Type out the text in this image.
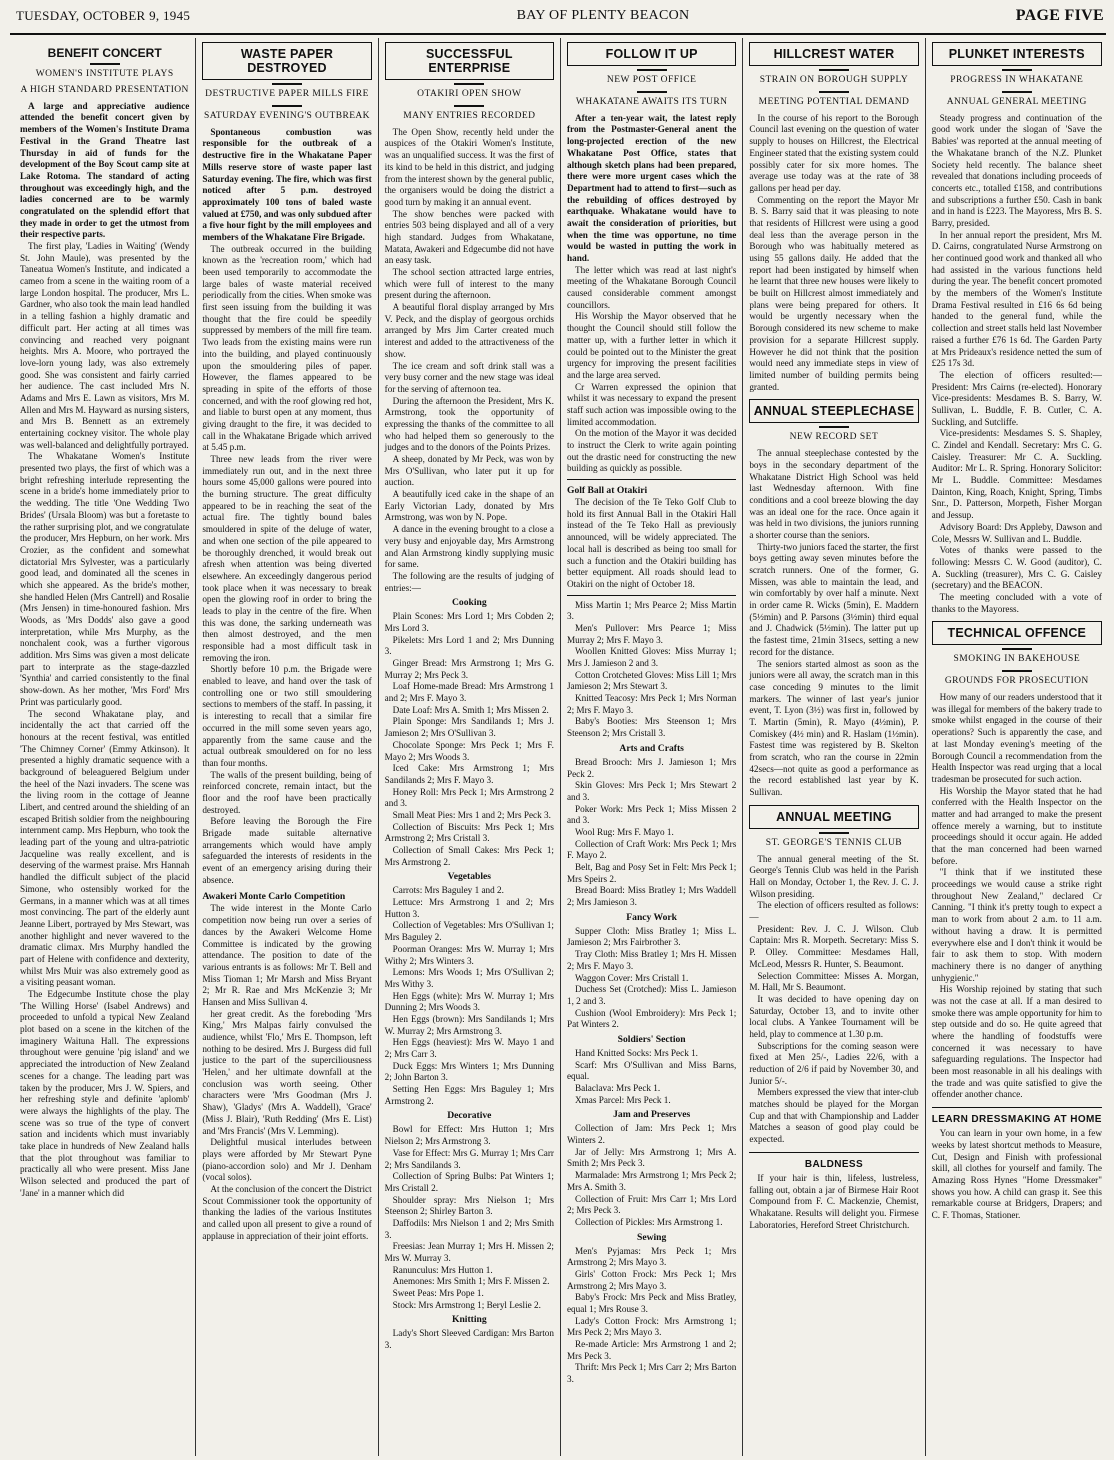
TUESDAY, OCTOBER 9, 1945	BAY OF PLENTY BEACON	PAGE FIVE
BENEFIT CONCERT
WOMEN'S INSTITUTE PLAYS
A HIGH STANDARD PRESENTATION

A large and appreciative audience attended the benefit concert given by members of the Women's Institute Drama Festival in the Grand Theatre last Thursday in aid of funds for the development of the Boy Scout camp site at Lake Rotoma. The standard of acting throughout was exceedingly high, and the ladies concerned are to be warmly congratulated on the splendid effort that they made in order to get the utmost from their respective parts.

The first play, 'Ladies in Waiting' (Wendy St. John Maule), was presented by the Taneatua Women's Institute, and indicated a cameo from a scene in the waiting room of a large London hospital. The producer, Mrs L. Gardner, who also took the main lead handled in a telling fashion a highly dramatic and difficult part. Her acting at all times was convincing and reached very poignant heights. Mrs A. Moore, who portrayed the love-lorn young lady, was also extremely good. She was consistent and fairly carried her audience. The cast included Mrs N. Adams and Mrs E. Lawn as visitors, Mrs M. Allen and Mrs M. Hayward as nursing sisters, and Mrs B. Bennett as an extremely entertaining cockney visitor. The whole play was well-balanced and delightfully portrayed.

The Whakatane Women's Institute presented two plays, the first of which was a bright refreshing interlude representing the scene in a bride's home immediately prior to the wedding. The title 'One Wedding Two Brides' (Ursala Bloom) was but a foretaste to the rather surprising plot, and we congratulate the producer, Mrs Hepburn, on her work. Mrs Crozier, as the confident and somewhat dictatorial Mrs Sylvester, was a particularly good lead, and dominated all the scenes in which she appeared. As the bride's mother, she handled Helen (Mrs Cantrell) and Rosalie (Mrs Jensen) in time-honoured fashion. Mrs Woods, as 'Mrs Dodds' also gave a good interpretation, while Mrs Murphy, as the nonchalent cook, was a further vigorous addition. Mrs Sims was given a most delicate part to interprate as the stage-dazzled 'Synthia' and carried consistently to the final show-down. As her mother, 'Mrs Ford' Mrs Print was particularly good.

The second Whakatane play, and incidentally the act that carried off the honours at the recent festival, was entitled 'The Chimney Corner' (Emmy Atkinson). It presented a highly dramatic sequence with a background of beleaguered Belgium under the heel of the Nazi invaders. The scene was the living room in the cottage of Jeanne Libert, and centred around the shielding of an escaped British soldier from the neighbouring internment camp. Mrs Hepburn, who took the leading part of the young and ultra-patriotic Jacqueline was really excellent, and is deserving of the warmest praise. Mrs Hannah handled the difficult subject of the placid Simone, who ostensibly worked for the Germans, in a manner which was at all times most convincing. The part of the elderly aunt Jeanne Libert, portrayed by Mrs Stewart, was another highlight and never wavered to the dramatic climax. Mrs Murphy handled the part of Helene with confidence and dexterity, whilst Mrs Muir was also extremely good as a visiting peasant woman.

The Edgecumbe Institute chose the play 'The Willing Horse' (Isabel Andrews) and proceeded to unfold a typical New Zealand plot based on a scene in the kitchen of the imaginery Waituna Hall. The expressions throughout were genuine 'pig island' and we appreciated the introduction of New Zealand scenes for a change. The leading part was taken by the producer, Mrs J. W. Spiers, and her refreshing style and definite 'aplomb' were always the highlights of the play. The scene was so true of the type of convert sation and incidents which must invariably take place in hundreds of New Zealand halls that the plot throughout was familiar to practically all who were present. Miss Jane Wilson selected and produced the part of 'Jane' in a manner which did

WASTE PAPER DESTROYED
DESTRUCTIVE PAPER MILLS FIRE
SATURDAY EVENING'S OUTBREAK

Spontaneous combustion was responsible for the outbreak of a destructive fire in the Whakatane Paper Mills reserve store of waste paper last Saturday evening. The fire, which was first noticed after 5 p.m. destroyed approximately 100 tons of baled waste valued at £750, and was only subdued after a five hour fight by the mill employees and members of the Whakatane Fire Brigade.

The outbreak occurred in the building known as the 'recreation room,' which had been used temporarily to accommodate the large bales of waste material received periodically from the cities. When smoke was first seen issuing from the building it was thought that the fire could be speedily suppressed by members of the mill fire team. Two leads from the existing mains were run into the building, and played continuously upon the smouldering piles of paper. However, the flames appeared to be spreading in spite of the efforts of those concerned, and with the roof glowing red hot, and liable to burst open at any moment, thus giving draught to the fire, it was decided to call in the Whakatane Brigade which arrived at 5.45 p.m.

Three new leads from the river were immediately run out, and in the next three hours some 45,000 gallons were poured into the burning structure. The great difficulty appeared to be in reaching the seat of the actual fire. The tightly bound bales smouldered in spite of the deluge of water, and when one section of the pile appeared to be thoroughly drenched, it would break out afresh when attention was being diverted elsewhere. An exceedingly dangerous period took place when it was necessary to break open the glowing roof in order to bring the leads to play in the centre of the fire. When this was done, the sarking underneath was then almost destroyed, and the men responsible had a most difficult task in removing the iron.

Shortly before 10 p.m. the Brigade were enabled to leave, and hand over the task of controlling one or two still smouldering sections to members of the staff. In passing, it is interesting to recall that a similar fire occurred in the mill some seven years ago, apparently from the same cause and the actual outbreak smouldered on for no less than four months.

The walls of the present building, being of reinforced concrete, remain intact, but the floor and the roof have been practically destroyed.

Before leaving the Borough the Fire Brigade made suitable alternative arrangements which would have amply safeguarded the interests of residents in the event of an emergency arising during their absence.

Awakeri Monte Carlo Competition

The wide interest in the Monte Carlo competition now being run over a series of dances by the Awakeri Welcome Home Committee is indicated by the growing attendance. The position to date of the various entrants is as follows: Mr T. Bell and Miss Tioman 1; Mr Marsh and Miss Bryant 2; Mr R. Rae and Mrs McKenzie 3; Mr Hansen and Miss Sullivan 4.

her great credit. As the foreboding 'Mrs King,' Mrs Malpas fairly convulsed the audience, whilst 'Flo,' Mrs E. Thompson, left nothing to be desired. Mrs J. Burgess did full justice to the part of the superciliousness 'Helen,' and her ultimate downfall at the conclusion was worth seeing. Other characters were 'Mrs Goodman (Mrs J. Shaw), 'Gladys' (Mrs A. Waddell), 'Grace' (Miss J. Blair), 'Ruth Redding' (Mrs E. List) and 'Mrs Francis' (Mrs V. Lemming).

Delightful musical interludes between plays were afforded by Mr Stewart Pyne (piano-accordion solo) and Mr J. Denham (vocal solos).

At the conclusion of the concert the District Scout Commissioner took the opportunity of thanking the ladies of the various Institutes and called upon all present to give a round of applause in appreciation of their joint efforts.

SUCCESSFUL ENTERPRISE
OTAKIRI OPEN SHOW
MANY ENTRIES RECORDED

The Open Show, recently held under the auspices of the Otakiri Women's Institute, was an unqualified success. It was the first of its kind to be held in this district, and judging from the interest shown by the general public, the organisers would be doing the district a good turn by making it an annual event.

The show benches were packed with entries 503 being displayed and all of a very high standard. Judges from Whakatane, Matata, Awakeri and Edgecumbe did not have an easy task.

The school section attracted large entries, which were full of interest to the many present during the afternoon.

A beautiful floral display arranged by Mrs V. Peck, and the display of georgous orchids arranged by Mrs Jim Carter created much interest and added to the attractiveness of the show.

The ice cream and soft drink stall was a very busy corner and the new stage was ideal for the serving of afternoon tea.

During the afternoon the President, Mrs K. Armstrong, took the opportunity of expressing the thanks of the committee to all who had helped them so generously to the judges and to the donors of the Points Prizes.

A sheep, donated by Mr Peck, was won by Mrs O'Sullivan, who later put it up for auction.

A beautifully iced cake in the shape of an Early Victorian Lady, donated by Mrs Armstrong, was won by N. Pope.

A dance in the evening brought to a close a very busy and enjoyable day, Mrs Armstrong and Alan Armstrong kindly supplying music for same.

The following are the results of judging of entries:—

Cooking

Plain Scones: Mrs Lord 1; Mrs Cobden 2; Mrs Lord 3.

Pikelets: Mrs Lord 1 and 2; Mrs Dunning 3.

Ginger Bread: Mrs Armstrong 1; Mrs G. Murray 2; Mrs Peck 3.

Loaf Home-made Bread: Mrs Armstrong 1 and 2; Mrs F. Mayo 3.

Date Loaf: Mrs A. Smith 1; Mrs Missen 2.

Plain Sponge: Mrs Sandilands 1; Mrs J. Jamieson 2; Mrs O'Sullivan 3.

Chocolate Sponge: Mrs Peck 1; Mrs F. Mayo 2; Mrs Woods 3.

Iced Cake: Mrs Armstrong 1; Mrs Sandilands 2; Mrs F. Mayo 3.

Honey Roll: Mrs Peck 1; Mrs Armstrong 2 and 3.

Small Meat Pies: Mrs 1 and 2; Mrs Peck 3.

Collection of Biscuits: Mrs Peck 1; Mrs Armstrong 2; Mrs Cristall 3.

Collection of Small Cakes: Mrs Peck 1; Mrs Armstrong 2.

Vegetables

Carrots: Mrs Baguley 1 and 2.

Lettuce: Mrs Armstrong 1 and 2; Mrs Hutton 3.

Collection of Vegetables: Mrs O'Sullivan 1; Mrs Baguley 2.

Poorman Oranges: Mrs W. Murray 1; Mrs Withy 2; Mrs Winters 3.

Lemons: Mrs Woods 1; Mrs O'Sullivan 2; Mrs Withy 3.

Hen Eggs (white): Mrs W. Murray 1; Mrs Dunning 2; Mrs Woods 3.

Hen Eggs (brown): Mrs Sandilands 1; Mrs W. Murray 2; Mrs Armstrong 3.

Hen Eggs (heaviest): Mrs W. Mayo 1 and 2; Mrs Carr 3.

Duck Eggs: Mrs Winters 1; Mrs Dunning 2; John Barton 3.

Setting Hen Eggs: Mrs Baguley 1; Mrs Armstrong 2.

Decorative

Bowl for Effect: Mrs Hutton 1; Mrs Nielson 2; Mrs Armstrong 3.

Vase for Effect: Mrs G. Murray 1; Mrs Carr 2; Mrs Sandilands 3.

Collection of Spring Bulbs: Pat Winters 1; Mrs Cristall 2.

Shoulder spray: Mrs Nielson 1; Mrs Steenson 2; Shirley Barton 3.

Daffodils: Mrs Nielson 1 and 2; Mrs Smith 3.

Freesias: Jean Murray 1; Mrs H. Missen 2; Mrs W. Murray 3.

Ranunculus: Mrs Hutton 1.

Anemones: Mrs Smith 1; Mrs F. Missen 2.

Sweet Peas: Mrs Pope 1.

Stock: Mrs Armstrong 1; Beryl Leslie 2.

Knitting

Lady's Short Sleeved Cardigan: Mrs Barton 3.

FOLLOW IT UP
NEW POST OFFICE
WHAKATANE AWAITS ITS TURN

After a ten-year wait, the latest reply from the Postmaster-General anent the long-projected erection of the new Whakatane Post Office, states that although sketch plans had been prepared, there were more urgent cases which the Department had to attend to first—such as the rebuilding of offices destroyed by earthquake. Whakatane would have to await the consideration of priorities, but when the time was opportune, no time would be wasted in putting the work in hand.

The letter which was read at last night's meeting of the Whakatane Borough Council caused considerable comment amongst councillors.

His Worship the Mayor observed that he thought the Council should still follow the matter up, with a further letter in which it could be pointed out to the Minister the great urgency for improving the present facilities and the large area served.

Cr Warren expressed the opinion that whilst it was necessary to expand the present staff such action was impossible owing to the limited accommodation.

On the motion of the Mayor it was decided to instruct the Clerk to write again pointing out the drastic need for constructing the new building as quickly as possible.

Golf Ball at Otakiri

The decision of the Te Teko Golf Club to hold its first Annual Ball in the Otakiri Hall instead of the Te Teko Hall as previously announced, will be widely appreciated. The local hall is described as being too small for such a function and the Otakiri building has better equipment. All roads should lead to Otakiri on the night of October 18.

Miss Martin 1; Mrs Pearce 2; Miss Martin 3.

Men's Pullover: Mrs Pearce 1; Miss Murray 2; Mrs F. Mayo 3.

Woollen Knitted Gloves: Miss Murray 1; Mrs J. Jamieson 2 and 3.

Cotton Crotcheted Gloves: Miss Lill 1; Mrs Jamieson 2; Mrs Stewart 3.

Knitted Teacosy: Mrs Peck 1; Mrs Norman 2; Mrs F. Mayo 3.

Baby's Booties: Mrs Steenson 1; Mrs Steenson 2; Mrs Cristall 3.

Arts and Crafts

Bread Brooch: Mrs J. Jamieson 1; Mrs Peck 2.

Skin Gloves: Mrs Peck 1; Mrs Stewart 2 and 3.

Poker Work: Mrs Peck 1; Miss Missen 2 and 3.

Wool Rug: Mrs F. Mayo 1.

Collection of Craft Work: Mrs Peck 1; Mrs F. Mayo 2.

Belt, Bag and Posy Set in Felt: Mrs Peck 1; Mrs Speirs 2.

Bread Board: Miss Bratley 1; Mrs Waddell 2; Mrs Jamieson 3.

Fancy Work

Supper Cloth: Miss Bratley 1; Miss L. Jamieson 2; Mrs Fairbrother 3.

Tray Cloth: Miss Bratley 1; Mrs H. Missen 2; Mrs F. Mayo 3.

Waggon Cover: Mrs Cristall 1.

Duchess Set (Crotched): Miss L. Jamieson 1, 2 and 3.

Cushion (Wool Embroidery): Mrs Peck 1; Pat Winters 2.

Soldiers' Section

Hand Knitted Socks: Mrs Peck 1.

Scarf: Mrs O'Sullivan and Miss Barns, equal.

Balaclava: Mrs Peck 1.

Xmas Parcel: Mrs Peck 1.

Jam and Preserves

Collection of Jam: Mrs Peck 1; Mrs Winters 2.

Jar of Jelly: Mrs Armstrong 1; Mrs A. Smith 2; Mrs Peck 3.

Marmalade: Mrs Armstrong 1; Mrs Peck 2; Mrs A. Smith 3.

Collection of Fruit: Mrs Carr 1; Mrs Lord 2; Mrs Peck 3.

Collection of Pickles: Mrs Armstrong 1.

Sewing

Men's Pyjamas: Mrs Peck 1; Mrs Armstrong 2; Mrs Mayo 3.

Girls' Cotton Frock: Mrs Peck 1; Mrs Armstrong 2; Mrs Mayo 3.

Baby's Frock: Mrs Peck and Miss Bratley, equal 1; Mrs Rouse 3.

Lady's Cotton Frock: Mrs Armstrong 1; Mrs Peck 2; Mrs Mayo 3.

Re-made Article: Mrs Armstrong 1 and 2; Mrs Peck 3.

Thrift: Mrs Peck 1; Mrs Carr 2; Mrs Barton 3.

HILLCREST WATER
STRAIN ON BOROUGH SUPPLY
MEETING POTENTIAL DEMAND

In the course of his report to the Borough Council last evening on the question of water supply to houses on Hillcrest, the Electrical Engineer stated that the existing system could possibly cater for six more homes. The average use today was at the rate of 38 gallons per head per day.

Commenting on the report the Mayor Mr B. S. Barry said that it was pleasing to note that residents of Hillcrest were using a good deal less than the average person in the Borough who was habitually metered as using 55 gallons daily. He added that the report had been instigated by himself when he learnt that three new houses were likely to be built on Hillcrest almost immediately and plans were being prepared for others. It would be urgently necessary when the Borough considered its new scheme to make provision for a separate Hillcrest supply. However he did not think that the position would need any immediate steps in view of limited number of building permits being granted.

ANNUAL STEEPLECHASE
NEW RECORD SET

The annual steeplechase contested by the boys in the secondary department of the Whakatane District High School was held last Wednesday afternoon. With fine conditions and a cool breeze blowing the day was an ideal one for the race. Once again it was held in two divisions, the juniors running a shorter course than the seniors.

Thirty-two juniors faced the starter, the first boys getting away seven minutes before the scratch runners. One of the former, G. Missen, was able to maintain the lead, and win comfortably by over half a minute. Next in order came R. Wicks (5min), E. Maddern (5½min) and P. Parsons (3½min) third equal and J. Chadwick (5½min). The latter put up the fastest time, 21min 31secs, setting a new record for the distance.

The seniors started almost as soon as the juniors were all away, the scratch man in this case conceding 9 minutes to the limit markers. The winner of last year's junior event, T. Lyon (3½) was first in, followed by T. Martin (5min), R. Mayo (4½min), P. Comiskey (4½ min) and R. Haslam (1½min). Fastest time was registered by B. Skelton from scratch, who ran the course in 22min 42secs—not quite as good a performance as the record established last year by K. Sullivan.

ANNUAL MEETING
ST. GEORGE'S TENNIS CLUB

The annual general meeting of the St. George's Tennis Club was held in the Parish Hall on Monday, October 1, the Rev. J. C. J. Wilson presiding.

The election of officers resulted as follows:—

President: Rev. J. C. J. Wilson. Club Captain: Mrs R. Morpeth. Secretary: Miss S. P. Olley. Committee: Mesdames Hall, McLeod, Messrs R. Hunter, S. Beaumont.

Selection Committee: Misses A. Morgan, M. Hall, Mr S. Beaumont.

It was decided to have opening day on Saturday, October 13, and to invite other local clubs. A Yankee Tournament will be held, play to commence at 1.30 p.m.

Subscriptions for the coming season were fixed at Men 25/-, Ladies 22/6, with a reduction of 2/6 if paid by November 30, and Junior 5/-.

Members expressed the view that inter-club matches should be played for the Morgan Cup and that with Championship and Ladder Matches a season of good play could be expected.

BALDNESS

If your hair is thin, lifeless, lustreless, falling out, obtain a jar of Birmese Hair Root Compound from F. C. Mackenzie, Chemist, Whakatane. Results will delight you. Firmese Laboratories, Hereford Street Christchurch.

PLUNKET INTERESTS
PROGRESS IN WHAKATANE
ANNUAL GENERAL MEETING

Steady progress and continuation of the good work under the slogan of 'Save the Babies' was reported at the annual meeting of the Whakatane branch of the N.Z. Plunket Society held recently. The balance sheet revealed that donations including proceeds of concerts etc., totalled £158, and contributions and subscriptions a further £50. Cash in bank and in hand is £223. The Mayoress, Mrs B. S. Barry, presided.

In her annual report the president, Mrs M. D. Cairns, congratulated Nurse Armstrong on her continued good work and thanked all who had assisted in the various functions held during the year. The benefit concert promoted by the members of the Women's Institute Drama Festival resulted in £16 6s 6d being handed to the general fund, while the collection and street stalls held last November raised a further £76 1s 6d. The Garden Party at Mrs Prideaux's residence netted the sum of £25 17s 3d.

The election of officers resulted:— President: Mrs Cairns (re-elected). Honorary Vice-presidents: Mesdames B. S. Barry, W. Sullivan, L. Buddle, F. B. Cutler, C. A. Suckling, and Sutcliffe.

Vice-presidents: Mesdames S. S. Shapley, C. Zindel and Kendall. Secretary: Mrs C. G. Caisley. Treasurer: Mr C. A. Suckling. Auditor: Mr L. R. Spring. Honorary Solicitor: Mr L. Buddle. Committee: Mesdames Dainton, King, Roach, Knight, Spring, Timbs Snr., D. Patterson, Morpeth, Fisher Morgan and Jessup.

Advisory Board: Drs Appleby, Dawson and Cole, Messrs W. Sullivan and L. Buddle.

Votes of thanks were passed to the following: Messrs C. W. Good (auditor), C. A. Suckling (treasurer), Mrs C. G. Caisley (secretary) and the BEACON.

The meeting concluded with a vote of thanks to the Mayoress.

TECHNICAL OFFENCE
SMOKING IN BAKEHOUSE
GROUNDS FOR PROSECUTION

How many of our readers understood that it was illegal for members of the bakery trade to smoke whilst engaged in the course of their operations? Such is apparently the case, and at last Monday evening's meeting of the Borough Council a recommendation from the Health Inspector was read urging that a local tradesman be prosecuted for such action.

His Worship the Mayor stated that he had conferred with the Health Inspector on the matter and had arranged to make the present offence merely a warning, but to institute proceedings should it occur again. He added that the man concerned had been warned before.

"I think that if we instituted these proceedings we would cause a strike right throughout New Zealand," declared Cr Canning. "I think it's pretty tough to expect a man to work from about 2 a.m. to 11 a.m. without having a draw. It is permitted everywhere else and I don't think it would be fair to ask them to stop. With modern machinery there is no danger of anything unhygienic."

His Worship rejoined by stating that such was not the case at all. If a man desired to smoke there was ample opportunity for him to step outside and do so. He quite agreed that where the handling of foodstuffs were concerned it was necessary to have safeguarding regulations. The Inspector had been most reasonable in all his dealings with the trade and was quite satisfied to give the offender another chance.

LEARN DRESSMAKING AT HOME

You can learn in your own home, in a few weeks by latest shortcut methods to Measure, Cut, Design and Finish with professional skill, all clothes for yourself and family. The Amazing Ross Hynes "Home Dressmaker" shows you how. A child can grasp it. See this remarkable course at Bridgers, Drapers; and C. F. Thomas, Stationer.
